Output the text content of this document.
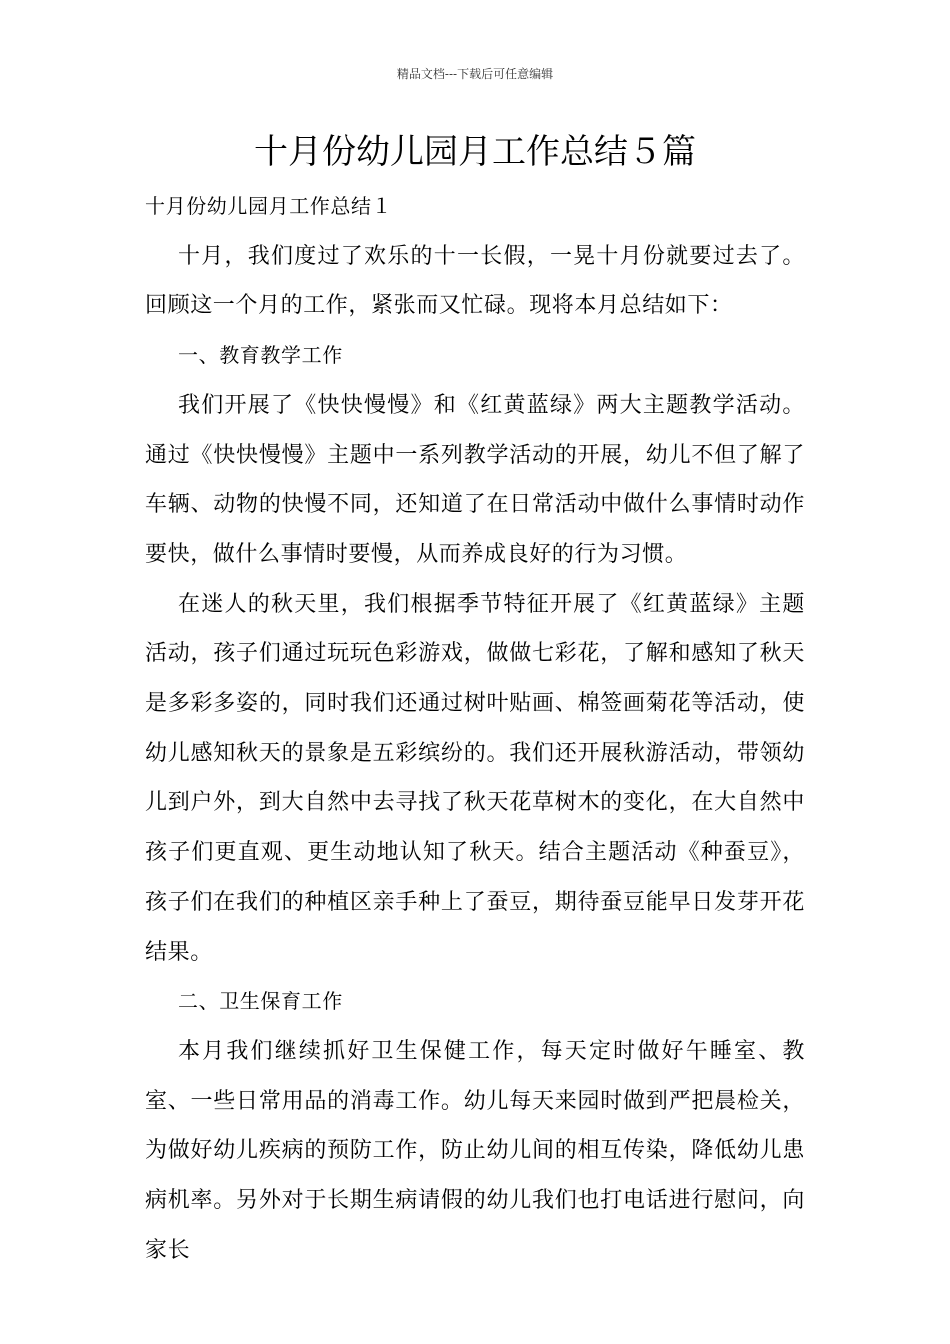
精品文档---下载后可任意编辑
十月份幼儿园月工作总结５篇

十月份幼儿园月工作总结１

十月，我们度过了欢乐的十一长假，一晃十月份就要过去了。回顾这一个月的工作，紧张而又忙碌。现将本月总结如下：

一、教育教学工作

我们开展了《快快慢慢》和《红黄蓝绿》两大主题教学活动。通过《快快慢慢》主题中一系列教学活动的开展，幼儿不但了解了车辆、动物的快慢不同，还知道了在日常活动中做什么事情时动作要快，做什么事情时要慢，从而养成良好的行为习惯。

在迷人的秋天里，我们根据季节特征开展了《红黄蓝绿》主题活动，孩子们通过玩玩色彩游戏，做做七彩花，了解和感知了秋天是多彩多姿的，同时我们还通过树叶贴画、棉签画菊花等活动，使幼儿感知秋天的景象是五彩缤纷的。我们还开展秋游活动，带领幼儿到户外，到大自然中去寻找了秋天花草树木的变化，在大自然中孩子们更直观、更生动地认知了秋天。结合主题活动《种蚕豆》，孩子们在我们的种植区亲手种上了蚕豆，期待蚕豆能早日发芽开花结果。

二、卫生保育工作

本月我们继续抓好卫生保健工作，每天定时做好午睡室、教室、一些日常用品的消毒工作。幼儿每天来园时做到严把晨检关，为做好幼儿疾病的预防工作，防止幼儿间的相互传染，降低幼儿患病机率。另外对于长期生病请假的幼儿我们也打电话进行慰问，向家长
